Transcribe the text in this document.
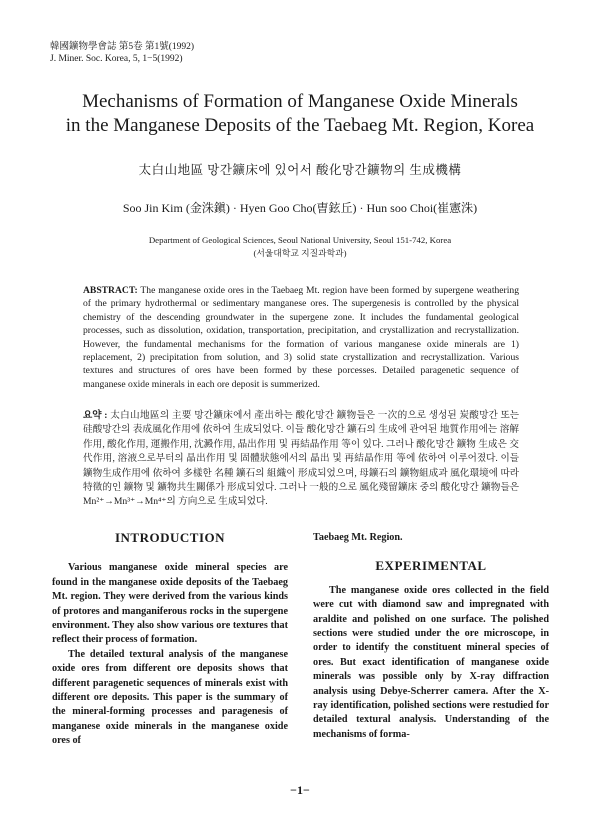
韓國鑛物學會誌 第5卷 第1號(1992)
J. Miner. Soc. Korea, 5, 1−5(1992)
Mechanisms of Formation of Manganese Oxide Minerals
in the Manganese Deposits of the Taebaeg Mt. Region, Korea
太白山地區 망간鑛床에 있어서 酸化망간鑛物의 生成機構
Soo Jin Kim (金洙鎭) · Hyen Goo Cho(曺鉉丘) · Hun soo Choi(崔憲洙)
Department of Geological Sciences, Seoul National University, Seoul 151-742, Korea
(서울대학교 지질과학과)
ABSTRACT: The manganese oxide ores in the Taebaeg Mt. region have been formed by supergene weathering of the primary hydrothermal or sedimentary manganese ores. The supergenesis is controlled by the physical chemistry of the descending groundwater in the supergene zone. It includes the fundamental geological processes, such as dissolution, oxidation, transportation, precipitation, and crystallization and recrystallization. However, the fundamental mechanisms for the formation of various manganese oxide minerals are 1) replacement, 2) precipitation from solution, and 3) solid state crystallization and recrystallization. Various textures and structures of ores have been formed by these porcesses. Detailed paragenetic sequence of manganese oxide minerals in each ore deposit is summerized.
요약 : 太白山地區의 主要 망간鑛床에서 產出하는 酸化망간 鑛物들은 一次的으로 생성된 炭酸망간 또는 硅酸망간의 表成風化作用에 依하여 生成되었다. 이들 酸化망간 鑛石의 生成에 관여된 地質作用에는 溶解作用, 酸化作用, 運搬作用, 沈澱作用, 晶出作用 및 再結晶作用 等이 있다. 그러나 酸化망간 鑛物 生成은 交代作用, 溶液으로부터의 晶出作用 및 固體狀態에서의 晶出 및 再結晶作用 等에 依하여 이루어졌다. 이들 鑛物生成作用에 依하여 多樣한 名種 鑛石의 組織이 形成되었으며, 母鑛石의 鑛物組成과 風化環境에 따라 特徵的인 鑛物 및 鑛物共生關係가 形成되었다. 그러나 一般的으로 風化殘留鑛床 중의 酸化망간 鑛物들은 Mn²⁺→Mn³⁺→Mn⁴⁺의 方向으로 生成되었다.
INTRODUCTION

Various manganese oxide mineral species are found in the manganese oxide deposits of the Taebaeg Mt. region. They were derived from the various kinds of protores and manganiferous rocks in the supergene environment. They also show various ore textures that reflect their process of formation.

The detailed textural analysis of the manganese oxide ores from different ore deposits shows that different paragenetic sequences of minerals exist with different ore deposits. This paper is the summary of the mineral-forming processes and paragenesis of manganese oxide minerals in the manganese oxide ores of

Taebaeg Mt. Region.
EXPERIMENTAL

The manganese oxide ores collected in the field were cut with diamond saw and impregnated with araldite and polished on one surface. The polished sections were studied under the ore microscope, in order to identify the constituent mineral species of ores. But exact identification of manganese oxide minerals was possible only by X-ray diffraction analysis using Debye-Scherrer camera. After the X-ray identification, polished sections were restudied for detailed textural analysis. Understanding of the mechanisms of forma-

−1−
